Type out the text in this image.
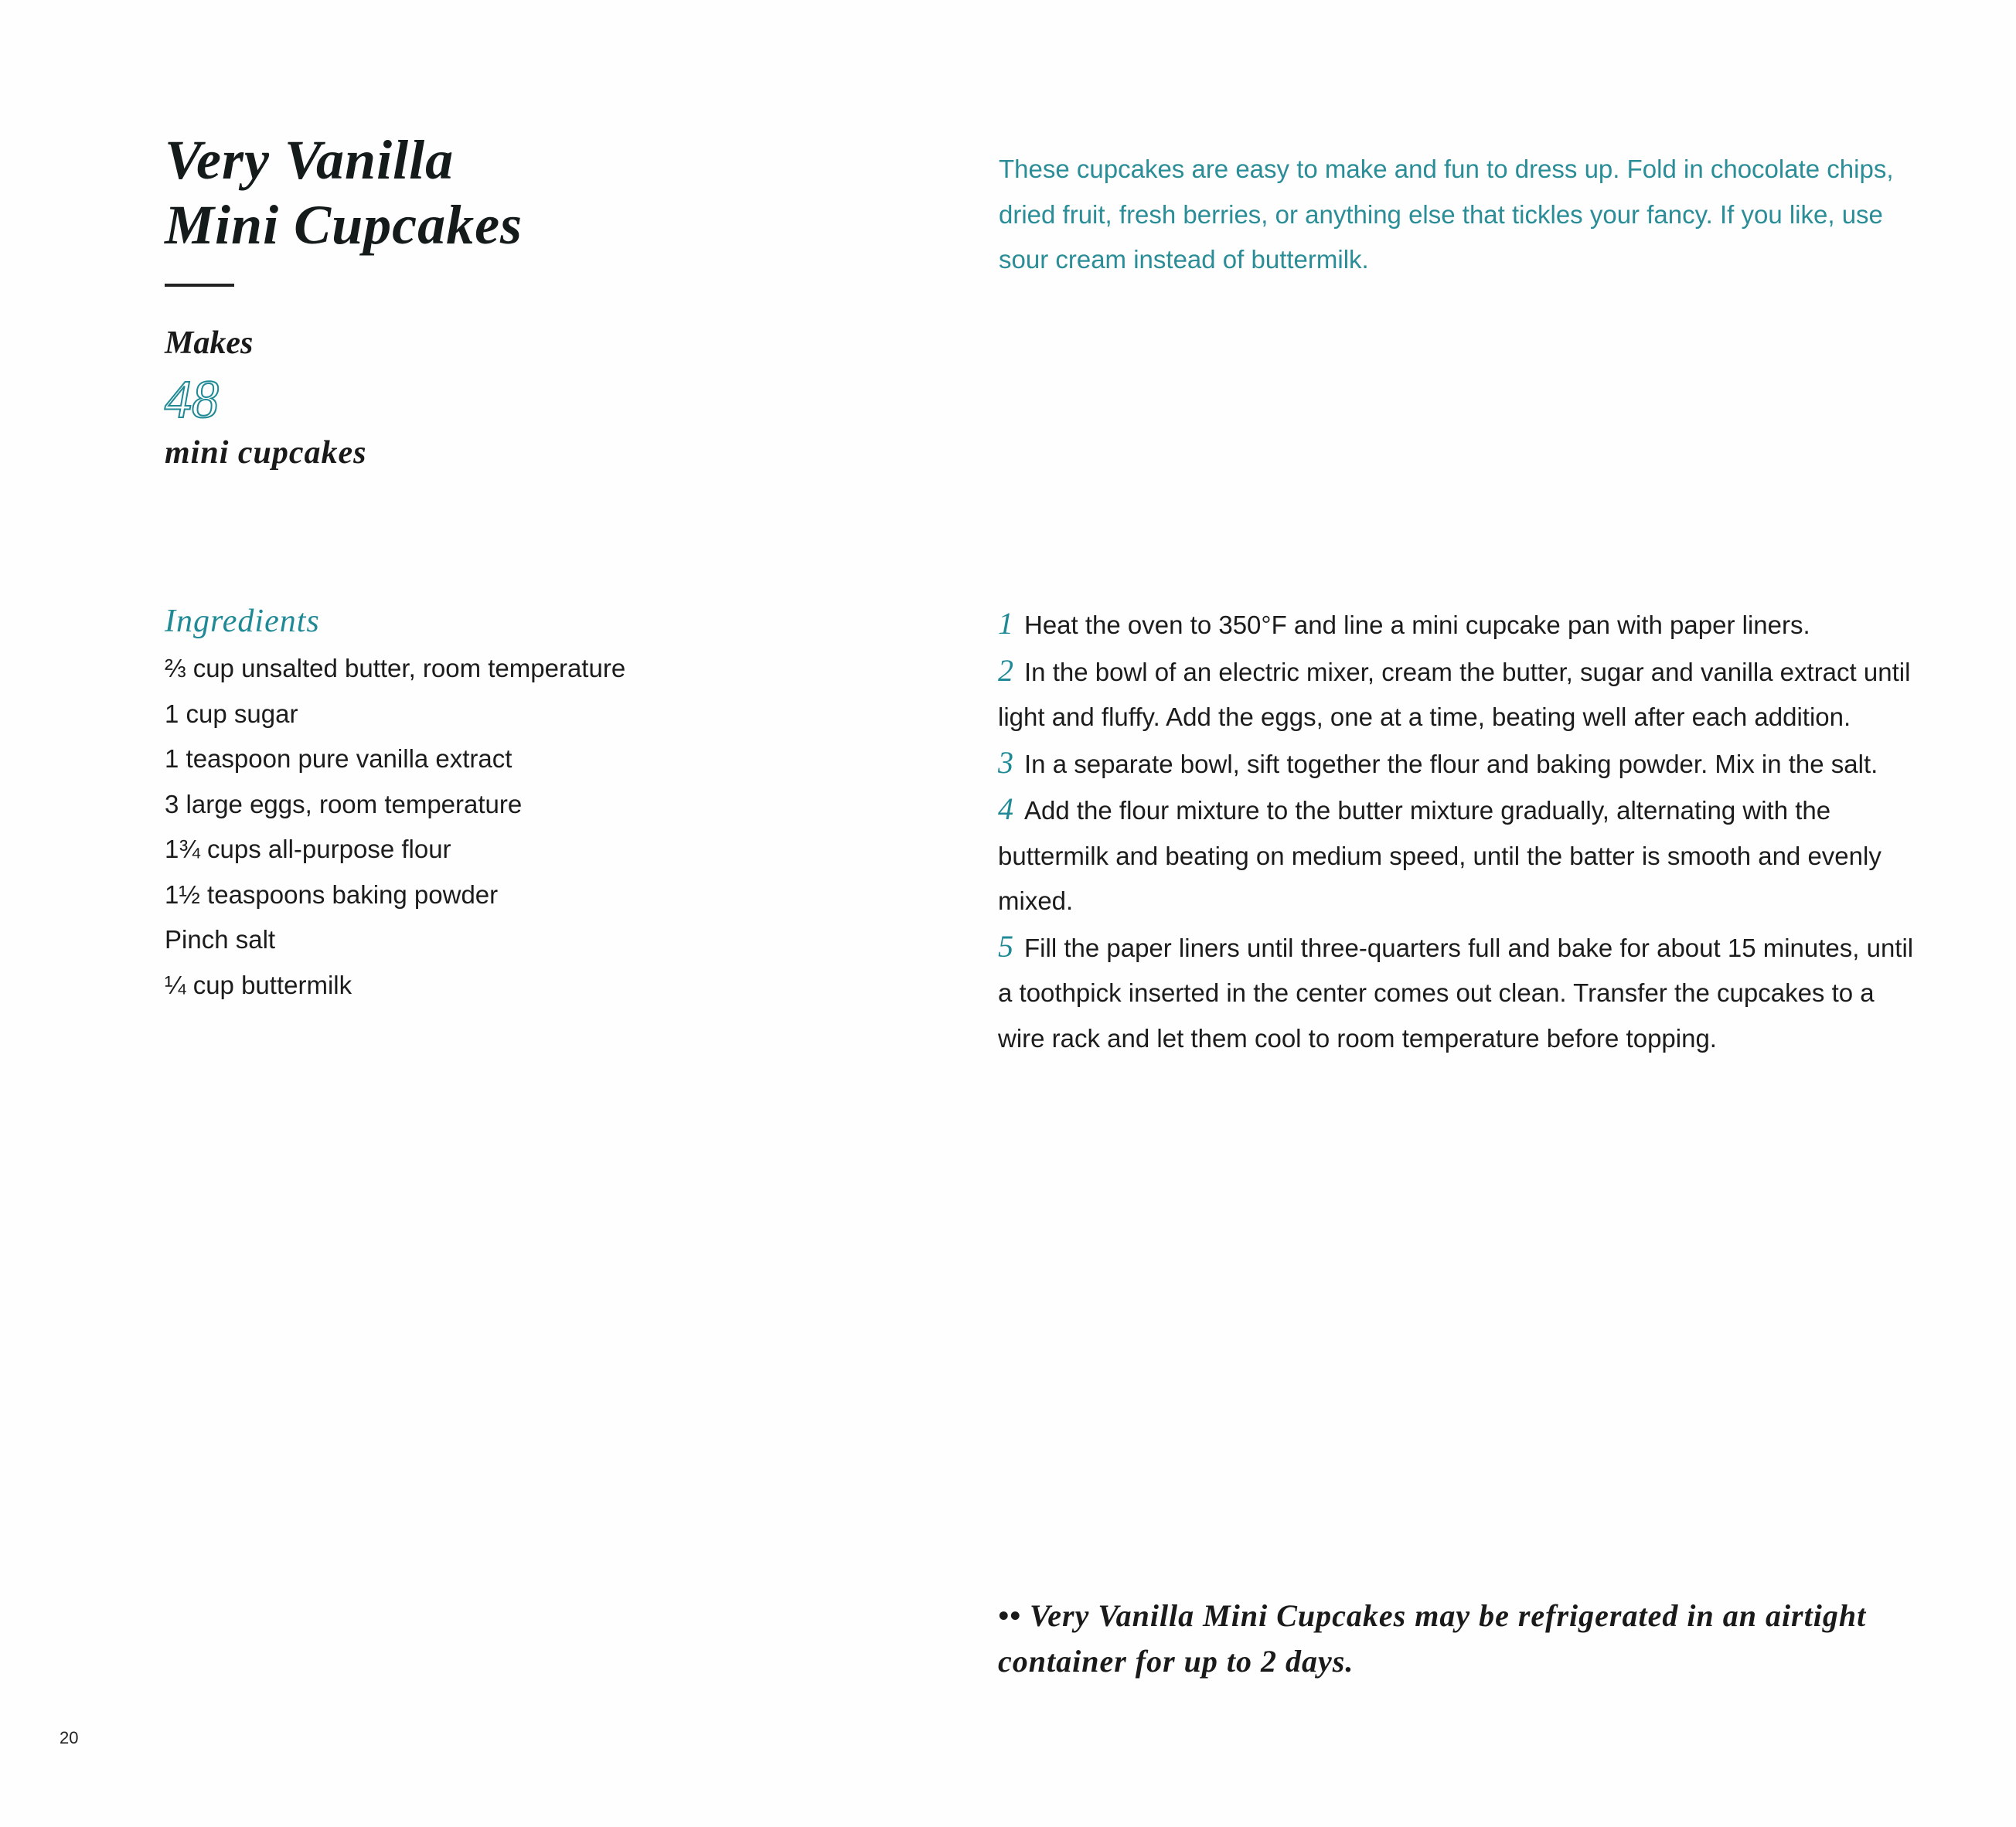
Very Vanilla
Mini Cupcakes
Makes
48
mini cupcakes
These cupcakes are easy to make and fun to dress up. Fold in chocolate chips, dried fruit, fresh berries, or anything else that tickles your fancy. If you like, use sour cream instead of buttermilk.
Ingredients
⅔ cup unsalted butter, room temperature
1 cup sugar
1 teaspoon pure vanilla extract
3 large eggs, room temperature
1¾ cups all-purpose flour
1½ teaspoons baking powder
Pinch salt
¼ cup buttermilk
1 Heat the oven to 350°F and line a mini cupcake pan with paper liners.
2 In the bowl of an electric mixer, cream the butter, sugar and vanilla extract until light and fluffy. Add the eggs, one at a time, beating well after each addition.
3 In a separate bowl, sift together the flour and baking powder. Mix in the salt.
4 Add the flour mixture to the butter mixture gradually, alternating with the buttermilk and beating on medium speed, until the batter is smooth and evenly mixed.
5 Fill the paper liners until three-quarters full and bake for about 15 minutes, until a toothpick inserted in the center comes out clean. Transfer the cupcakes to a wire rack and let them cool to room temperature before topping.
•• Very Vanilla Mini Cupcakes may be refrigerated in an airtight container for up to 2 days.
20
